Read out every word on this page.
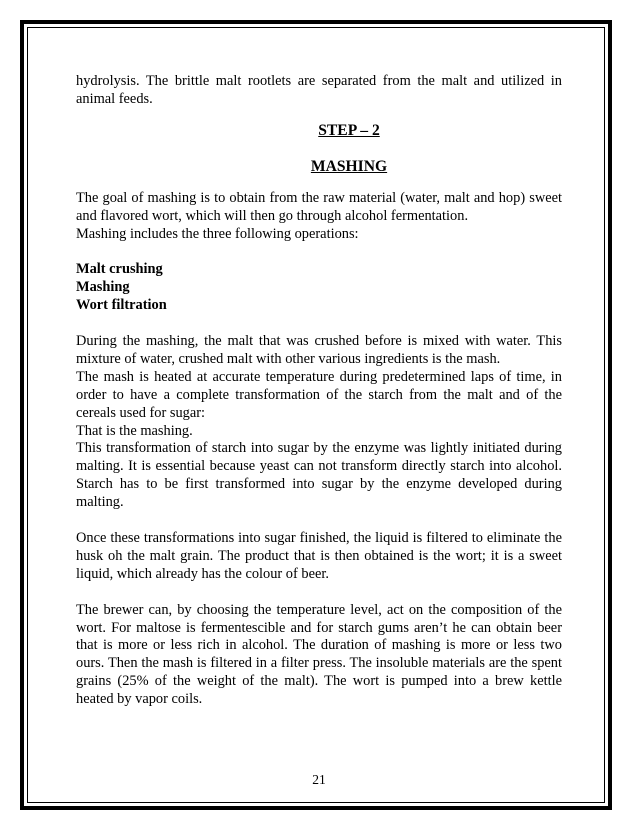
hydrolysis. The brittle malt rootlets are separated from the malt and utilized in animal feeds.

STEP – 2

MASHING

The goal of mashing is to obtain from the raw material (water, malt and hop) sweet and flavored wort, which will then go through alcohol fermentation.

Mashing includes the three following operations:

Malt crushing

Mashing

Wort filtration

During the mashing, the malt that was crushed before is mixed with water. This mixture of water, crushed malt with other various ingredients is the mash.

The mash is heated at accurate temperature during predetermined laps of time, in order to have a complete transformation of the starch from the malt and of the cereals used for sugar:

That is the mashing.

This transformation of starch into sugar by the enzyme was lightly initiated during malting. It is essential because yeast can not transform directly starch into alcohol. Starch has to be first transformed into sugar by the enzyme developed during malting.

Once these transformations into sugar finished, the liquid is filtered to eliminate the husk oh the malt grain. The product that is then obtained is the wort; it is a sweet liquid, which already has the colour of beer.

The brewer can, by choosing the temperature level, act on the composition of the wort. For maltose is fermentescible and for starch gums aren’t he can obtain beer that is more or less rich in alcohol. The duration of mashing is more or less two ours. Then the mash is filtered in a filter press. The insoluble materials are the spent grains (25% of the weight of the malt). The wort is pumped into a brew kettle heated by vapor coils.

21
